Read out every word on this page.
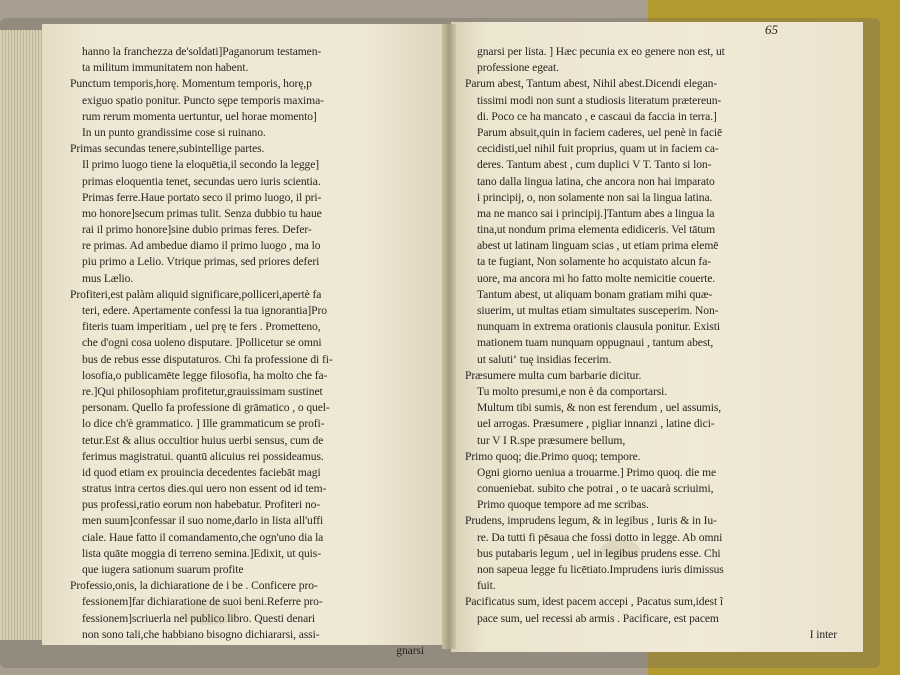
65
hanno la franchezza de'soldati]Paganorum testamen-
ta militum immunitatem non habent.
Punctum temporis,horę. Momentum temporis, horę,p
exiguo spatio ponitur. Puncto sępe temporis maxima-
rum rerum momenta uertuntur, uel horae momento]
In un punto grandissime cose si ruinano.
Primas secundas tenere,subintellige partes.
Il primo luogo tiene la eloquētia,il secondo la legge]
primas eloquentia tenet, secundas uero iuris scientia.
Primas ferre.Haue portato seco il primo luogo, il pri-
mo honore]secum primas tulit. Senza dubbio tu haue
rai il primo honore]sine dubio primas feres. Defer-
re primas. Ad ambedue diamo il primo luogo , ma lo
piu primo a Lelio. Vtrique primas, sed priores deferi
mus Lælio.
Profiteri,est palàm aliquid significare,polliceri,apertè fa
teri, edere. Apertamente confessi la tua ignorantia]Pro
fiteris tuam imperitiam , uel prę te fers . Prometteno,
che d'ogni cosa uoleno disputare. ]Pollicetur se omni
bus de rebus esse disputaturos. Chi fa professione di fi-
losofia,o publicamēte legge filosofia, ha molto che fa-
re.]Qui philosophiam profitetur,grauissimam sustinet
personam. Quello fa professione di grāmatico , o quel-
lo dice ch'è grammatico. ] Ille grammaticum se profi-
tetur.Est & alius occultior huius uerbi sensus, cum de
ferimus magistratui. quantū alicuius rei possideamus.
id quod etiam ex prouincia decedentes faciebāt magi
stratus intra certos dies.qui uero non essent od id tem-
pus professi,ratio eorum non habebatur. Profiteri no-
men suum]confessar il suo nome,darlo in lista all'uffi
ciale. Haue fatto il comandamento,che ogn'uno dia la
lista quāte moggia di terreno semina.]Edixit, ut quis-
que iugera sationum suarum profite
Professio,onis, la dichiaratione de i be . Conficere pro-
fessionem]far dichiaratione de suoi beni.Referre pro-
fessionem]scriuerla nel publico libro. Questi denari
non sono tali,che habbiano bisogno dichiararsi, assi-
gnarsi
gnarsi per lista. ] Hæc pecunia ex eo genere non est, ut
professione egeat.
Parum abest, Tantum abest, Nihil abest.Dicendi elegan-
tissimi modi non sunt a studiosis literatum prætereun-
di. Poco ce ha mancato , e cascaui da faccia in terra.]
Parum absuit,quin in faciem caderes, uel penè in faciē
cecidisti,uel nihil fuit proprius, quam ut in faciem ca-
deres. Tantum abest , cum duplici V T. Tanto si lon-
tano dalla lingua latina, che ancora non hai imparato
i principij, o, non solamente non sai la lingua latina.
ma ne manco sai i principij.]Tantum abes a lingua la
tina,ut nondum prima elementa edidiceris. Vel tātum
abest ut latinam linguam scias , ut etiam prima elemē
ta te fugiant, Non solamente ho acquistato alcun fa-
uore, ma ancora mi ho fatto molte nemicitie couerte.
Tantum abest, ut aliquam bonam gratiam mihi quæ-
siuerim, ut multas etiam simultates susceperim. Non-
nunquam in extrema orationis clausula ponitur. Existi
mationem tuam nunquam oppugnaui , tantum abest,
ut salutiʻ tuę insidias fecerim.
Præsumere multa cum barbarie dicitur.
Tu molto presumi,e non è da comportarsi.
Multum tibi sumis, & non est ferendum , uel assumis,
uel arrogas. Præsumere , pigliar innanzi , latine dici-
tur V I R.spe præsumere bellum,
Primo quoq; die.Primo quoq; tempore.
Ogni giorno ueniua a trouarme.] Primo quoq. die me
conueniebat. subito che potrai , o te uacarà scriuimi,
Primo quoque tempore ad me scribas.
Prudens, imprudens legum, & in legibus , Iuris & in Iu-
re. Da tutti fi pēsaua che fossi dotto in legge. Ab omni
bus putabaris legum , uel in legibus prudens esse. Chi
non sapeua legge fu licētiato.Imprudens iuris dimissus
fuit.
Pacificatus sum, idest pacem accepi , Pacatus sum,idest ĩ
pace sum, uel recessi ab armis . Pacificare, est pacem
I inter
